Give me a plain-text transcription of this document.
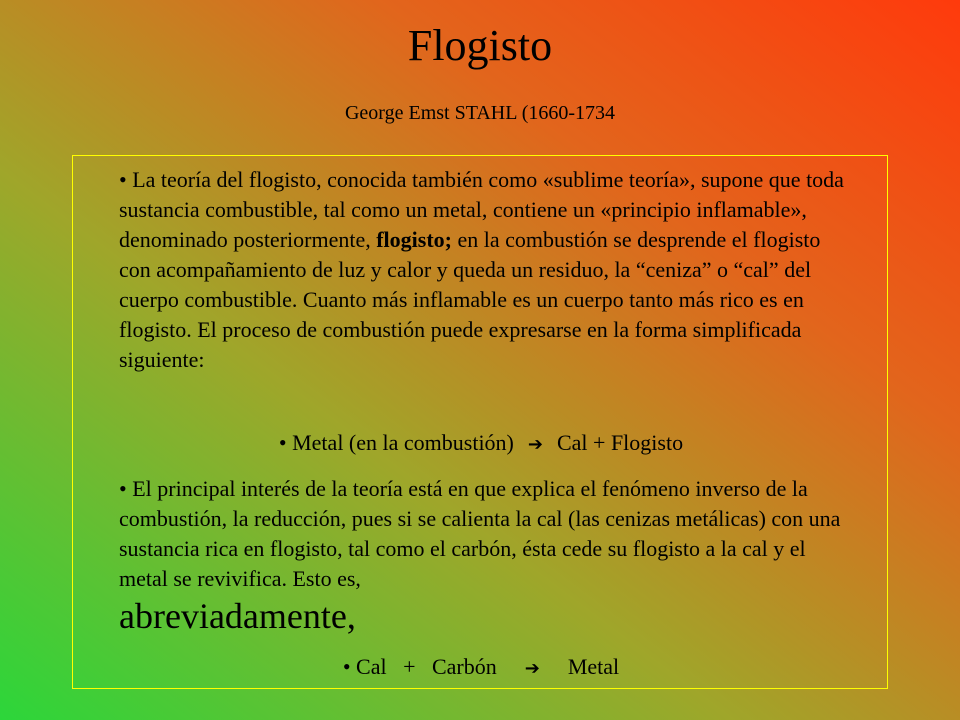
Flogisto
George Emst STAHL (1660-1734
• La teoría del flogisto, conocida también como «sublime teoría», supone que toda sustancia combustible, tal como un metal, contiene un «principio inflamable», denominado posteriormente, flogisto; en la combustión se desprende el flogisto con acompañamiento de luz y calor y queda un residuo, la “ceniza” o “cal” del cuerpo combustible. Cuanto más inflamable es un cuerpo tanto más rico es en flogisto. El proceso de combustión puede expresarse en la forma simplificada siguiente:
• Metal (en la combustión) ➔ Cal + Flogisto
• El principal interés de la teoría está en que explica el fenómeno inverso de la combustión, la reducción, pues si se calienta la cal (las cenizas metálicas) con una sustancia rica en flogisto, tal como el carbón, ésta cede su flogisto a la cal y el metal se revivifica. Esto es,
abreviadamente,
• Cal   +   Carbón ➔ Metal
